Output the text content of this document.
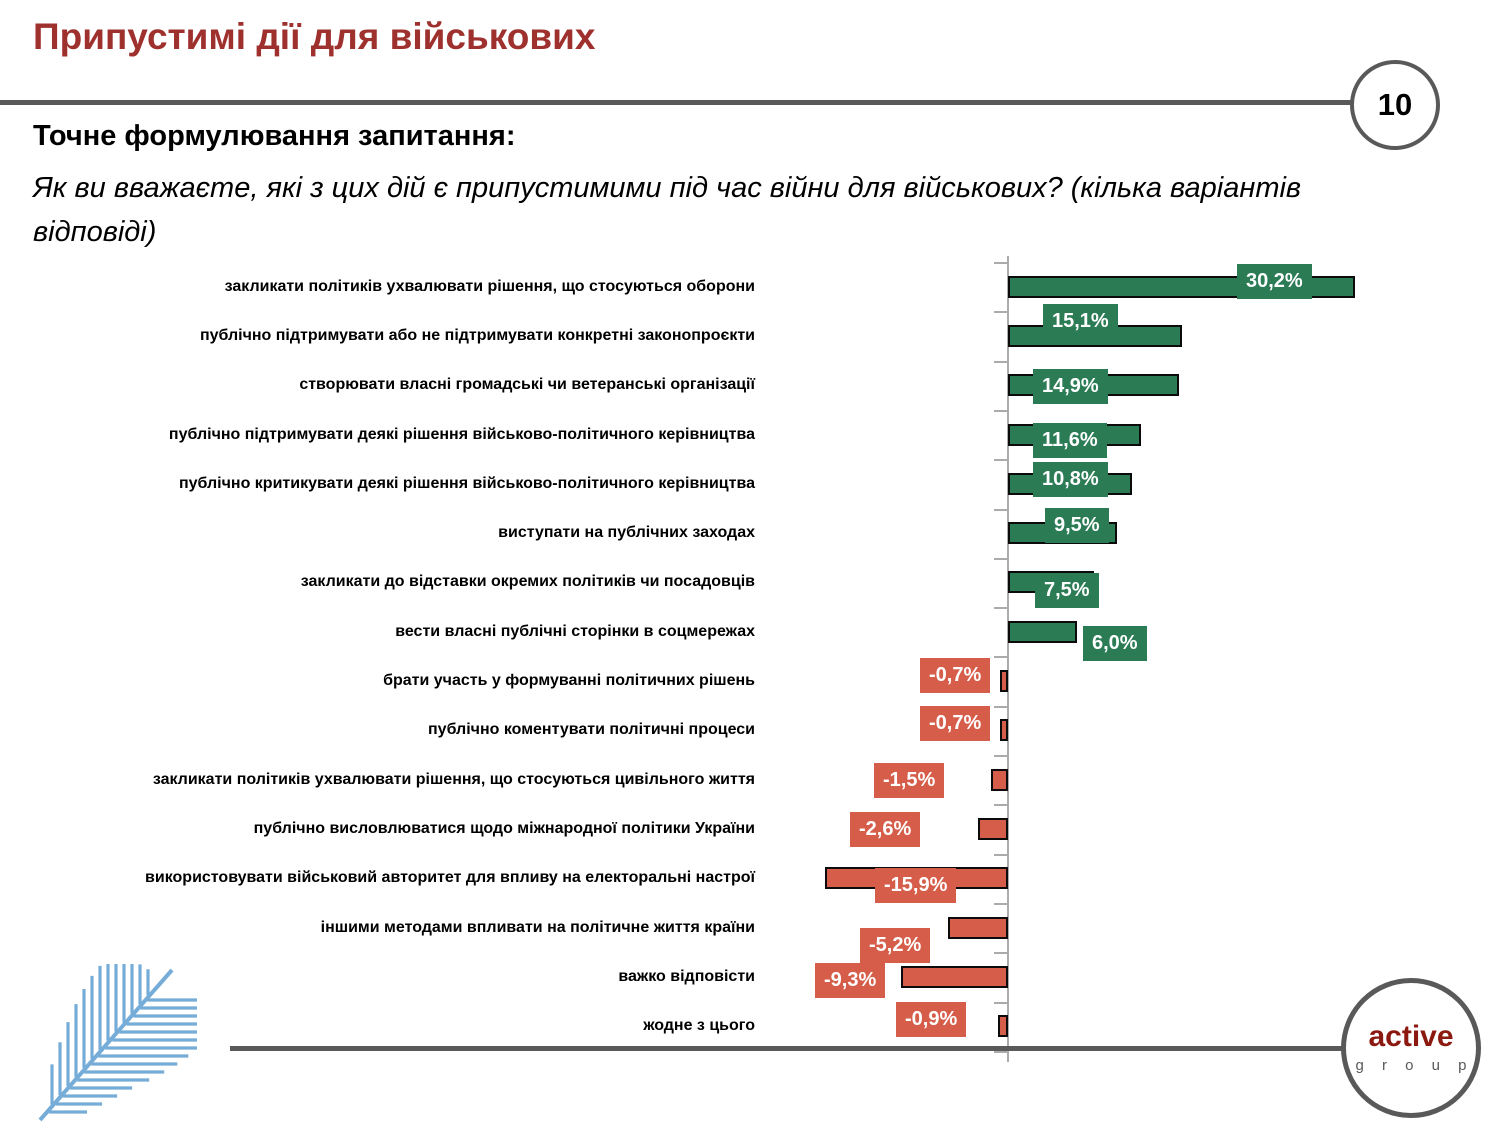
Припустимі дії для військових
10
Точне формулювання запитання:
Як ви вважаєте, які з цих дій є припустимими під час війни для військових? (кілька варіантів
відповіді)
закликати політиків ухвалювати рішення, що стосуються оборони	30,2%
публічно підтримувати або не підтримувати конкретні законопроєкти
15,1%
створювати власні громадські чи ветеранські організації	14,9%
публічно підтримувати деякі рішення військово-політичного керівництва	11,6%
публічно критикувати деякі рішення військово-політичного керівництва	10,8%
виступати на публічних заходах	9,5%
закликати до відставки окремих політиків чи посадовців	7,5%
вести власні публічні сторінки в соцмережах
6,0%
брати участь у формуванні політичних рішень	-0,7%
публічно коментувати політичні процеси	-0,7%
закликати політиків ухвалювати рішення, що стосуються цивільного життя	-1,5%
публічно висловлюватися щодо міжнародної політики України	-2,6%
використовувати військовий авторитет для впливу на електоральні настрої	-15,9%
іншими методами впливати на політичне життя країни
-5,2%
важко відповісти	-9,3%
жодне з цього	-0,9%
active
g r o u p
